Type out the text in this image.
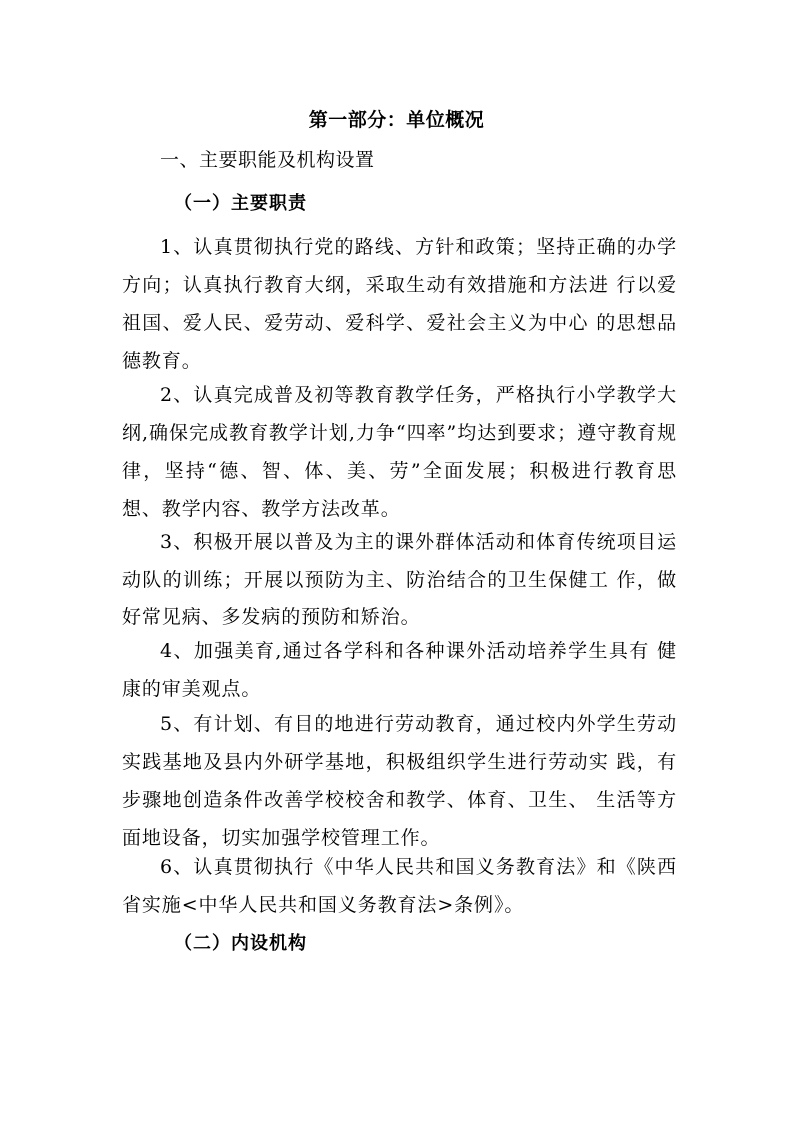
第一部分：单位概况
一、主要职能及机构设置
（一）主要职责

1、认真贯彻执行党的路线、方针和政策；坚持正确的办学方向；认真执行教育大纲，采取生动有效措施和方法进 行以爱祖国、爱人民、爱劳动、爱科学、爱社会主义为中心 的思想品德教育。

2、认真完成普及初等教育教学任务，严格执行小学教学大纲,确保完成教育教学计划,力争“四率”均达到要求；遵守教育规律，坚持“德、智、体、美、劳”全面发展；积极进行教育思想、教学内容、教学方法改革。

3、积极开展以普及为主的课外群体活动和体育传统项目运动队的训练；开展以预防为主、防治结合的卫生保健工 作，做好常见病、多发病的预防和矫治。

4、加强美育,通过各学科和各种课外活动培养学生具有 健康的审美观点。

5、有计划、有目的地进行劳动教育，通过校内外学生劳动实践基地及县内外研学基地，积极组织学生进行劳动实 践，有步骤地创造条件改善学校校舍和教学、体育、卫生、 生活等方面地设备，切实加强学校管理工作。

6、认真贯彻执行《中华人民共和国义务教育法》和《陕西省实施<中华人民共和国义务教育法>条例》。

（二）内设机构
